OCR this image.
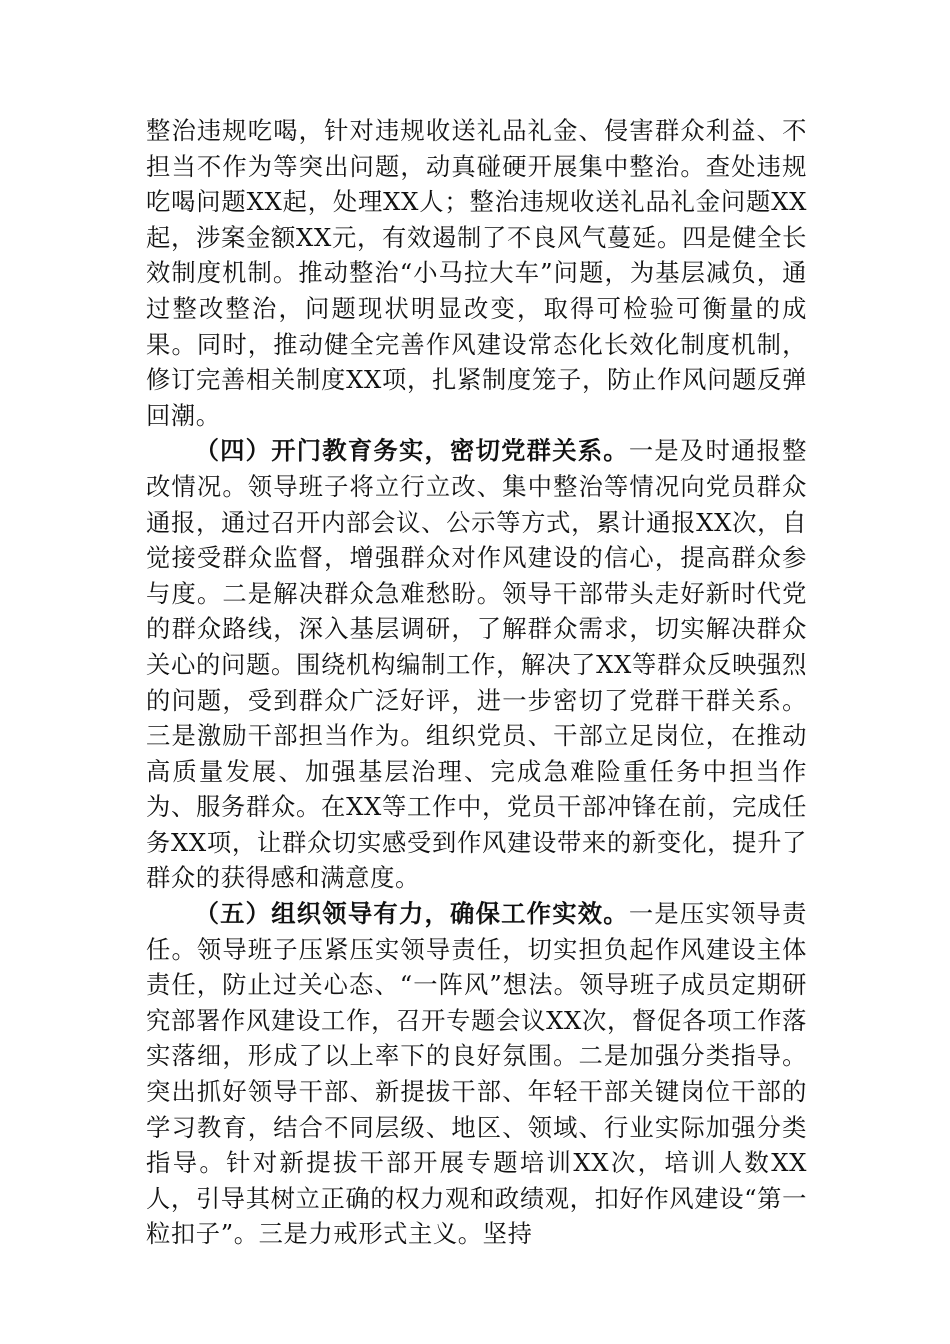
整治违规吃喝，针对违规收送礼品礼金、侵害群众利益、不担当不作为等突出问题，动真碰硬开展集中整治。查处违规吃喝问题XX起，处理XX人；整治违规收送礼品礼金问题XX起，涉案金额XX元，有效遏制了不良风气蔓延。四是健全长效制度机制。推动整治“小马拉大车”问题，为基层减负，通过整改整治，问题现状明显改变，取得可检验可衡量的成果。同时，推动健全完善作风建设常态化长效化制度机制，修订完善相关制度XX项，扎紧制度笼子，防止作风问题反弹回潮。

（四）开门教育务实，密切党群关系。一是及时通报整改情况。领导班子将立行立改、集中整治等情况向党员群众通报，通过召开内部会议、公示等方式，累计通报XX次，自觉接受群众监督，增强群众对作风建设的信心，提高群众参与度。二是解决群众急难愁盼。领导干部带头走好新时代党的群众路线，深入基层调研，了解群众需求，切实解决群众关心的问题。围绕机构编制工作，解决了XX等群众反映强烈的问题，受到群众广泛好评，进一步密切了党群干群关系。三是激励干部担当作为。组织党员、干部立足岗位，在推动高质量发展、加强基层治理、完成急难险重任务中担当作为、服务群众。在XX等工作中，党员干部冲锋在前，完成任务XX项，让群众切实感受到作风建设带来的新变化，提升了群众的获得感和满意度。

（五）组织领导有力，确保工作实效。一是压实领导责任。领导班子压紧压实领导责任，切实担负起作风建设主体责任，防止过关心态、“一阵风”想法。领导班子成员定期研究部署作风建设工作，召开专题会议XX次，督促各项工作落实落细，形成了以上率下的良好氛围。二是加强分类指导。突出抓好领导干部、新提拔干部、年轻干部关键岗位干部的学习教育，结合不同层级、地区、领域、行业实际加强分类指导。针对新提拔干部开展专题培训XX次，培训人数XX人，引导其树立正确的权力观和政绩观，扣好作风建设“第一粒扣子”。三是力戒形式主义。坚持
